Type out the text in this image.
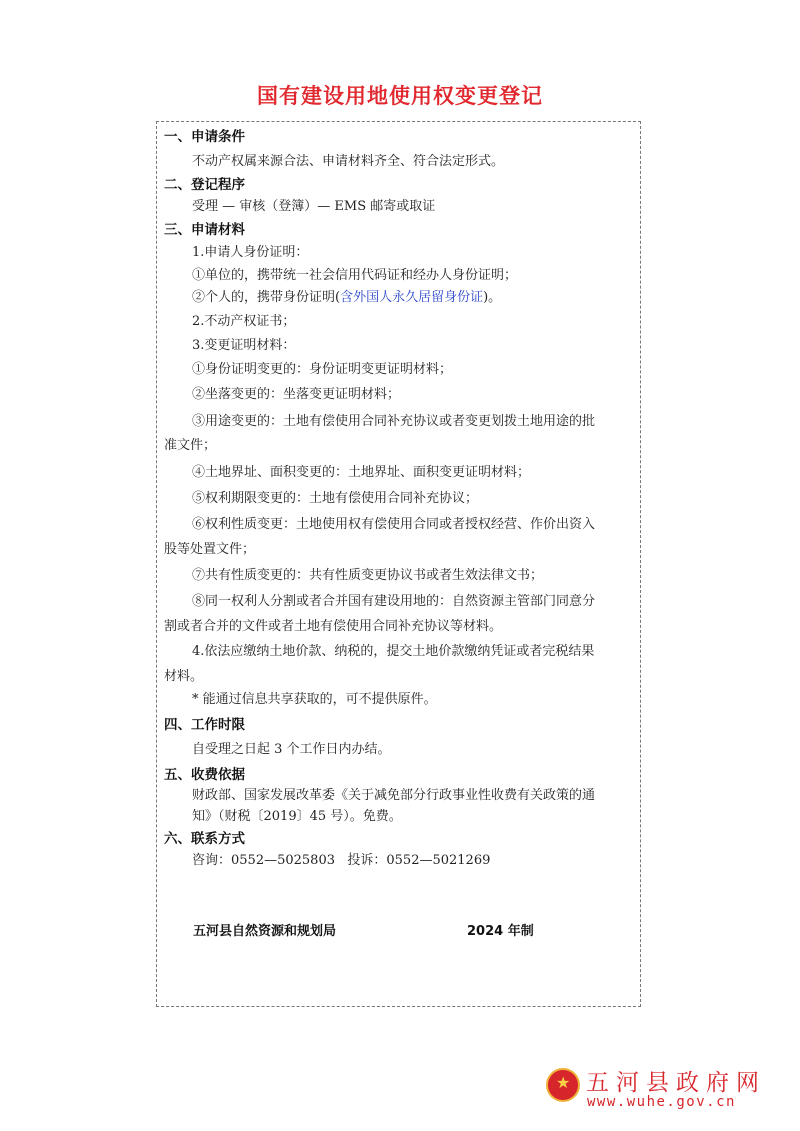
国有建设用地使用权变更登记
一、申请条件
不动产权属来源合法、申请材料齐全、符合法定形式。
二、登记程序
受理 — 审核（登簿）— EMS 邮寄或取证
三、申请材料
1.申请人身份证明：
①单位的，携带统一社会信用代码证和经办人身份证明；
②个人的，携带身份证明(含外国人永久居留身份证)。
2.不动产权证书；
3.变更证明材料：
①身份证明变更的：身份证明变更证明材料；
②坐落变更的：坐落变更证明材料；
③用途变更的：土地有偿使用合同补充协议或者变更划拨土地用途的批
准文件；
④土地界址、面积变更的：土地界址、面积变更证明材料；
⑤权利期限变更的：土地有偿使用合同补充协议；
⑥权利性质变更：土地使用权有偿使用合同或者授权经营、作价出资入
股等处置文件；
⑦共有性质变更的：共有性质变更协议书或者生效法律文书；
⑧同一权利人分割或者合并国有建设用地的：自然资源主管部门同意分
割或者合并的文件或者土地有偿使用合同补充协议等材料。
4.依法应缴纳土地价款、纳税的，提交土地价款缴纳凭证或者完税结果
材料。
* 能通过信息共享获取的，可不提供原件。
四、工作时限
自受理之日起 3 个工作日内办结。
五、收费依据
财政部、国家发展改革委《关于减免部分行政事业性收费有关政策的通
知》（财税〔2019〕45 号）。免费。
六、联系方式
咨询：0552—5025803   投诉：0552—5021269
五河县自然资源和规划局	2024 年制
★
五河县政府网
www.wuhe.gov.cn
